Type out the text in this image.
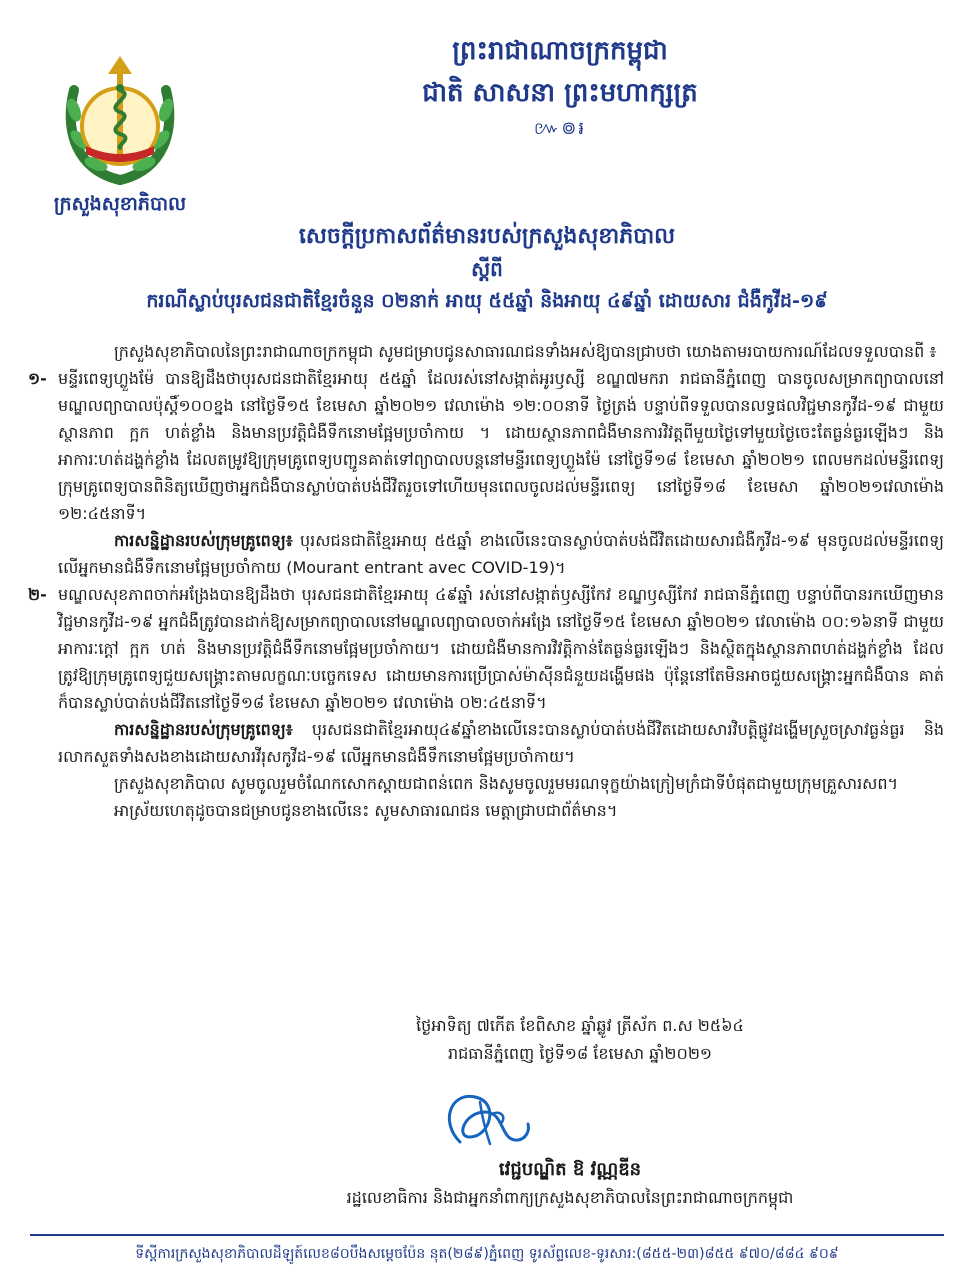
ក្រសួងសុខាភិបាល
ព្រះរាជាណាចក្រកម្ពុជា
ជាតិ សាសនា ព្រះមហាក្សត្រ
៚៙៛
សេចក្ដីប្រកាសព័ត៌មានរបស់ក្រសួងសុខាភិបាល
ស្ដីពី
ករណីស្លាប់បុរសជនជាតិខ្មែរចំនួន ០២នាក់ អាយុ ៥៥ឆ្នាំ និងអាយុ ៤៩ឆ្នាំ ដោយសារ ជំងឺកូវីដ-១៩

ក្រសួងសុខាភិបាលនៃព្រះរាជាណាចក្រកម្ពុជា សូមជម្រាបជូនសាធារណជនទាំងអស់ឱ្យបានជ្រាបថា យោងតាមរបាយការណ៍ដែលទទួលបានពី ៖

១- មន្ទីរពេទ្យហ្លួងម៉ែ បានឱ្យដឹងថាបុរសជនជាតិខ្មែរអាយុ ៥៥ឆ្នាំ ដែលរស់នៅសង្កាត់អូរឫស្សី ខណ្ឌ៧មករា រាជធានីភ្នំពេញ បានចូលសម្រាកព្យាបាលនៅមណ្ឌលព្យាបាលប៉ុស្ដិ៍១០០ខ្នង នៅថ្ងៃទី១៥ ខែមេសា ឆ្នាំ២០២១ វេលាម៉ោង ១២:០០នាទី ថ្ងៃត្រង់ បន្ទាប់ពីទទួលបានលទ្ធផលវិជ្ជមានកូវីដ-១៩ ជាមួយស្ថានភាព ក្អក ហត់ខ្លាំង និងមានប្រវត្តិជំងឺទឹកនោមផ្អែមប្រចាំកាយ ។ ដោយស្ថានភាពជំងឺមានការវិវត្តពីមួយថ្ងៃទៅមួយថ្ងៃចេះតែធ្ងន់ធ្ងរឡើងៗ និងអាការៈហត់ដង្ហក់ខ្លាំង ដែលតម្រូវឱ្យក្រុមគ្រូពេទ្យបញ្ជូនគាត់ទៅព្យាបាលបន្តនៅមន្ទីរពេទ្យហ្លួងម៉ែ នៅថ្ងៃទី១៨ ខែមេសា ឆ្នាំ២០២១ ពេលមកដល់មន្ទីរពេទ្យក្រុមគ្រូពេទ្យបានពិនិត្យឃើញថាអ្នកជំងឺបានស្លាប់បាត់បង់ជីវិតរួចទៅហើយមុនពេលចូលដល់មន្ទីរពេទ្យ នៅថ្ងៃទី១៨ ខែមេសា ឆ្នាំ២០២១វេលាម៉ោង ១២:៤៥នាទី។

ការសន្និដ្ឋានរបស់ក្រុមគ្រូពេទ្យ៖ បុរសជនជាតិខ្មែរអាយុ ៥៥ឆ្នាំ ខាងលើនេះបានស្លាប់បាត់បង់ជីវិតដោយសារជំងឺកូវីដ-១៩ មុនចូលដល់មន្ទីរពេទ្យ លើអ្នកមានជំងឺទឹកនោមផ្អែមប្រចាំកាយ (Mourant entrant avec COVID-19)។

២- មណ្ឌលសុខភាពចាក់អង្រែងបានឱ្យដឹងថា បុរសជនជាតិខ្មែរអាយុ ៤៩ឆ្នាំ រស់នៅសង្កាត់ឫស្សីកែវ ខណ្ឌឫស្សីកែវ រាជធានីភ្នំពេញ បន្ទាប់ពីបានរកឃើញមានវិជ្ជមានកូវីដ-១៩ អ្នកជំងឺត្រូវបានដាក់ឱ្យសម្រាកព្យាបាលនៅមណ្ឌលព្យាបាលចាក់អង្រែ នៅថ្ងៃទី១៥ ខែមេសា ឆ្នាំ២០២១ វេលាម៉ោង ០០:១៦នាទី ជាមួយអាការៈក្ដៅ ក្អក ហត់ និងមានប្រវត្តិជំងឺទឹកនោមផ្អែមប្រចាំកាយ។ ដោយជំងឺមានការវិវត្តិកាន់តែធ្ងន់ធ្ងរឡើងៗ និងស្ថិតក្នុងស្ថានភាពហត់ដង្ហក់ខ្លាំង ដែលត្រូវឱ្យក្រុមគ្រូពេទ្យជួយសង្គ្រោះតាមលក្ខណៈបច្ចេកទេស ដោយមានការប្រើប្រាស់ម៉ាស៊ីនជំនួយដង្ហើមផង ប៉ុន្តែនៅតែមិនអាចជួយសង្គ្រោះអ្នកជំងឺបាន គាត់ក៏បានស្លាប់បាត់បង់ជីវិតនៅថ្ងៃទី១៨ ខែមេសា ឆ្នាំ២០២១ វេលាម៉ោង ០២:៤៥នាទី។

ការសន្និដ្ឋានរបស់ក្រុមគ្រូពេទ្យ៖ បុរសជនជាតិខ្មែរអាយុ៤៩ឆ្នាំខាងលើនេះបានស្លាប់បាត់បង់ជីវិតដោយសារវិបត្តិផ្លូវដង្ហើមស្រួចស្រាវធ្ងន់ធ្ងរ និងរលាកសួតទាំងសងខាងដោយសារវីរុសកូវីដ-១៩ លើអ្នកមានជំងឺទឹកនោមផ្អែមប្រចាំកាយ។

ក្រសួងសុខាភិបាល សូមចូលរួមចំណែកសោកស្ដាយជាពន់ពេក និងសូមចូលរួមមរណទុក្ខយ៉ាងក្រៀមក្រំជាទីបំផុតជាមួយក្រុមគ្រួសារសព។

អាស្រ័យហេតុដូចបានជម្រាបជូនខាងលើនេះ សូមសាធារណជន មេត្តាជ្រាបជាព័ត៌មាន។

ថ្ងៃអាទិត្យ ៧កើត ខែពិសាខ ឆ្នាំឆ្លូវ ត្រីស័ក ព.ស ២៥៦៤
រាជធានីភ្នំពេញ ថ្ងៃទី១៨ ខែមេសា ឆ្នាំ២០២១
វេជ្ជបណ្ឌិត ឱ វណ្ណឌីន
រដ្ឋលេខាធិការ និងជាអ្នកនាំពាក្យក្រសួងសុខាភិបាលនៃព្រះរាជាណាចក្រកម្ពុជា
ទីស្ដីការក្រសួងសុខាភិបាលដីឡូត៍លេខ៨០បឹងសម្ដេចប៉ែន នុត(២៨៩)ភ្នំពេញ ទូរស័ព្ទលេខ-ទូរសារ:(៨៥៥-២៣)៨៥៥ ៩៧០/៨៨៤ ៩០៩
